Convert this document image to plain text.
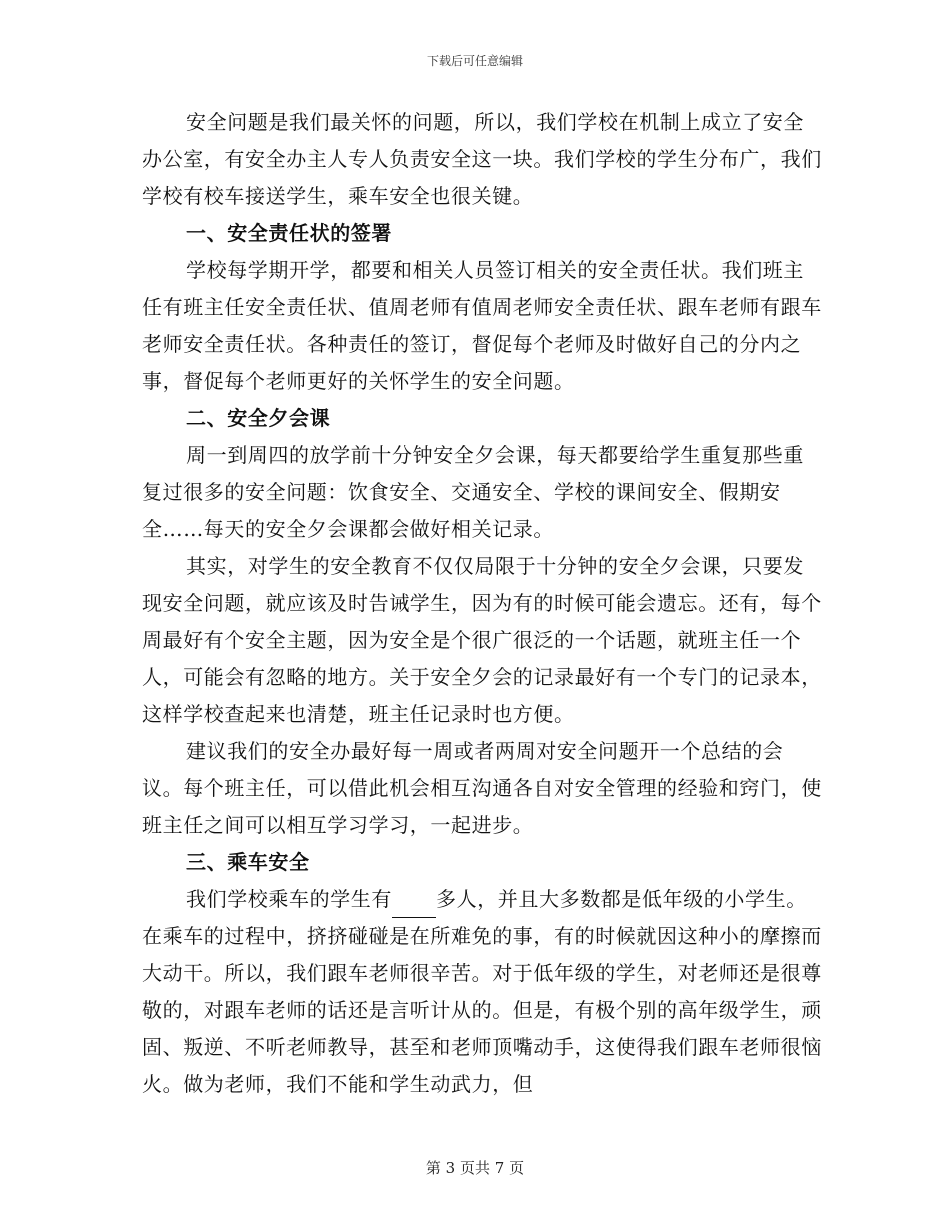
下载后可任意编辑

安全问题是我们最关怀的问题，所以，我们学校在机制上成立了安全办公室，有安全办主人专人负责安全这一块。我们学校的学生分布广，我们学校有校车接送学生，乘车安全也很关键。

一、安全责任状的签署

学校每学期开学，都要和相关人员签订相关的安全责任状。我们班主任有班主任安全责任状、值周老师有值周老师安全责任状、跟车老师有跟车老师安全责任状。各种责任的签订，督促每个老师及时做好自己的分内之事，督促每个老师更好的关怀学生的安全问题。

二、安全夕会课

周一到周四的放学前十分钟安全夕会课，每天都要给学生重复那些重复过很多的安全问题：饮食安全、交通安全、学校的课间安全、假期安全……每天的安全夕会课都会做好相关记录。

其实，对学生的安全教育不仅仅局限于十分钟的安全夕会课，只要发现安全问题，就应该及时告诫学生，因为有的时候可能会遗忘。还有，每个周最好有个安全主题，因为安全是个很广很泛的一个话题，就班主任一个人，可能会有忽略的地方。关于安全夕会的记录最好有一个专门的记录本，这样学校查起来也清楚，班主任记录时也方便。

建议我们的安全办最好每一周或者两周对安全问题开一个总结的会议。每个班主任，可以借此机会相互沟通各自对安全管理的经验和窍门，使班主任之间可以相互学习学习，一起进步。

三、乘车安全

我们学校乘车的学生有 多人，并且大多数都是低年级的小学生。在乘车的过程中，挤挤碰碰是在所难免的事，有的时候就因这种小的摩擦而大动干。所以，我们跟车老师很辛苦。对于低年级的学生，对老师还是很尊敬的，对跟车老师的话还是言听计从的。但是，有极个别的高年级学生，顽固、叛逆、不听老师教导，甚至和老师顶嘴动手，这使得我们跟车老师很恼火。做为老师，我们不能和学生动武力，但

第 3 页共 7 页
